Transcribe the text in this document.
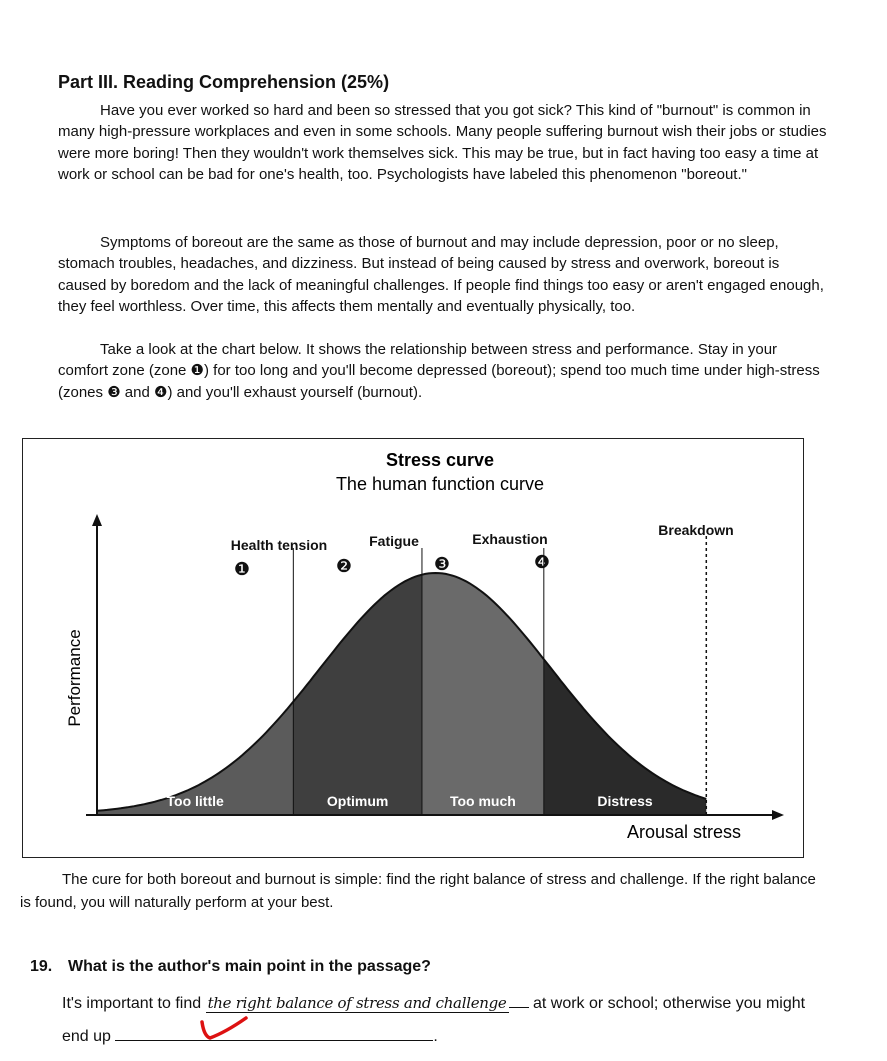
Part III. Reading Comprehension (25%)
Have you ever worked so hard and been so stressed that you got sick? This kind of "burnout" is common in many high-pressure workplaces and even in some schools. Many people suffering burnout wish their jobs or studies were more boring! Then they wouldn't work themselves sick. This may be true, but in fact having too easy a time at work or school can be bad for one's health, too. Psychologists have labeled this phenomenon "boreout."
Symptoms of boreout are the same as those of burnout and may include depression, poor or no sleep, stomach troubles, headaches, and dizziness. But instead of being caused by stress and overwork, boreout is caused by boredom and the lack of meaningful challenges. If people find things too easy or aren't engaged enough, they feel worthless. Over time, this affects them mentally and eventually physically, too.
Take a look at the chart below. It shows the relationship between stress and performance. Stay in your comfort zone (zone ❶) for too long and you'll become depressed (boreout); spend too much time under high-stress (zones ❸ and ❹) and you'll exhaust yourself (burnout).
Stress curve
The human function curve
Performance
Arousal stress
Too little	Optimum	Too much	Distress
Health tension
❶	❷
Fatigue
❸
Exhaustion
❹
Breakdown
The cure for both boreout and burnout is simple: find the right balance of stress and challenge. If the right balance is found, you will naturally perform at your best.
19. What is the author's main point in the passage?
It's important to find the right balance of stress and challenge at work or school; otherwise you might
end up	.
